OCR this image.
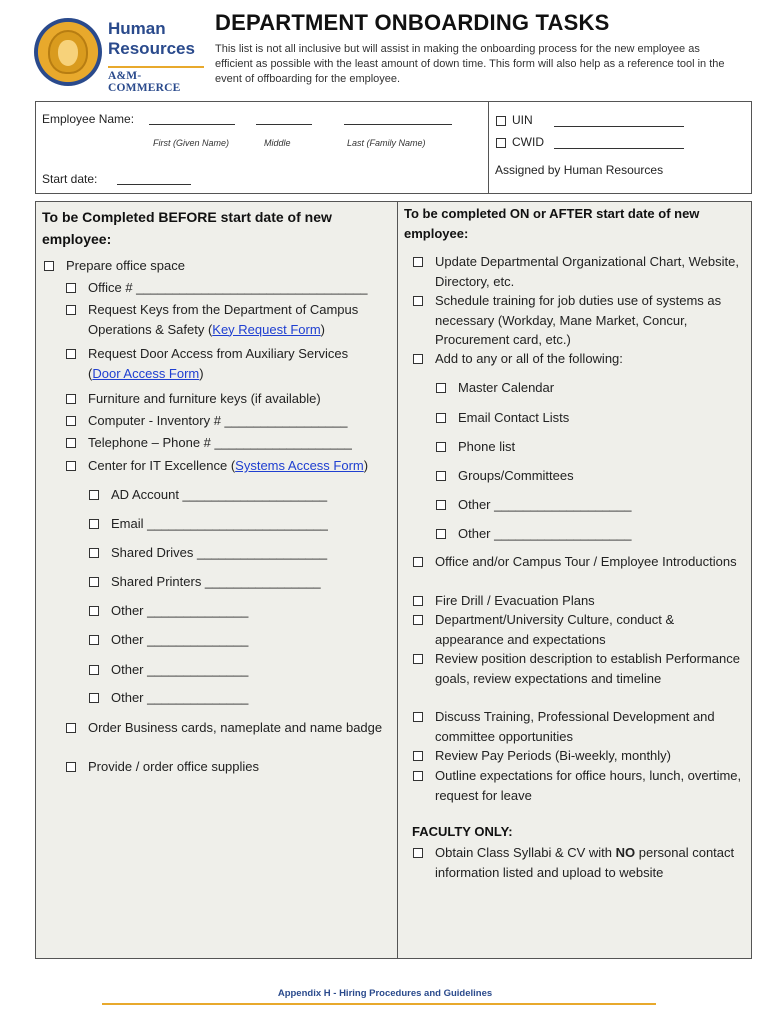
Human
Resources
A&M-COMMERCE
DEPARTMENT ONBOARDING TASKS
This list is not all inclusive but will assist in making the onboarding process for the new employee as efficient as possible with the least amount of down time. This form will also help as a reference tool in the event of offboarding for the employee.
Employee Name:
First (Given Name)	Middle	Last (Family Name)
Start date:
UIN
CWID
Assigned by Human Resources
To be Completed BEFORE start date of new employee:
Prepare office space
Office # ________________________________
Request Keys from the Department of Campus Operations & Safety (Key Request Form)
Request Door Access from Auxiliary Services (Door Access Form)
Furniture and furniture keys (if available)
Computer - Inventory # _________________
Telephone – Phone # ___________________
Center for IT Excellence (Systems Access Form)
AD Account ____________________
Email _________________________
Shared Drives __________________
Shared Printers ________________
Other ______________
Other ______________
Other ______________
Other ______________
Order Business cards, nameplate and name badge
Provide / order office supplies
To be completed ON or AFTER start date of new employee:
Update Departmental Organizational Chart, Website, Directory, etc.
Schedule training for job duties use of systems as necessary (Workday, Mane Market, Concur, Procurement card, etc.)
Add to any or all of the following:
Master Calendar
Email Contact Lists
Phone list
Groups/Committees
Other ___________________
Other ___________________
Office and/or Campus Tour / Employee Introductions
Fire Drill / Evacuation Plans
Department/University Culture, conduct & appearance and expectations
Review position description to establish Performance goals, review expectations and timeline
Discuss Training, Professional Development and committee opportunities
Review Pay Periods (Bi-weekly, monthly)
Outline expectations for office hours, lunch, overtime, request for leave
FACULTY ONLY:
Obtain Class Syllabi & CV with NO personal contact information listed and upload to website
Appendix H - Hiring Procedures and Guidelines
